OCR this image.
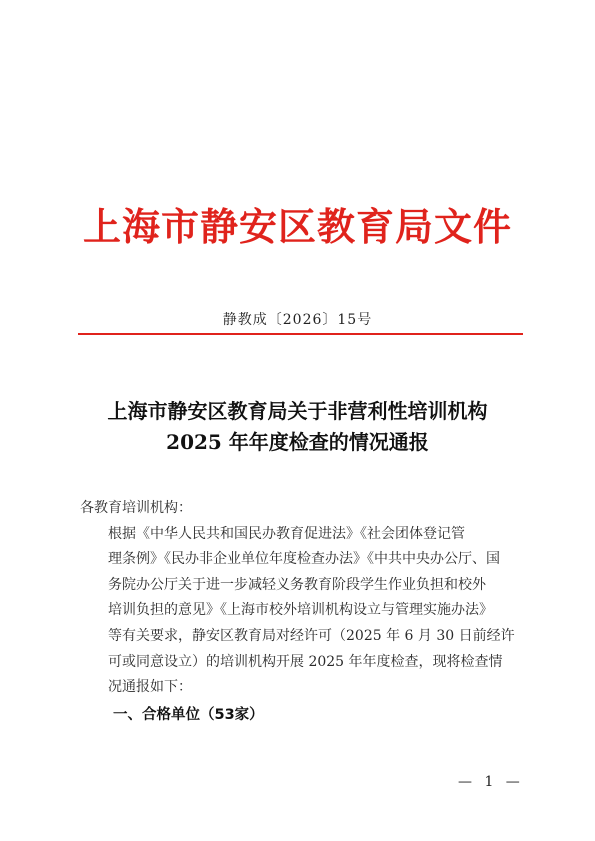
上海市静安区教育局文件
静教成〔2026〕15号
上海市静安区教育局关于非营利性培训机构
2025 年年度检查的情况通报

各教育培训机构：

根据《中华人民共和国民办教育促进法》《社会团体登记管
理条例》《民办非企业单位年度检查办法》《中共中央办公厅、国
务院办公厅关于进一步减轻义务教育阶段学生作业负担和校外
培训负担的意见》《上海市校外培训机构设立与管理实施办法》
等有关要求，静安区教育局对经许可（2025 年 6 月 30 日前经许
可或同意设立）的培训机构开展 2025 年年度检查，现将检查情
况通报如下：

一、合格单位（53家）

— 1 —
